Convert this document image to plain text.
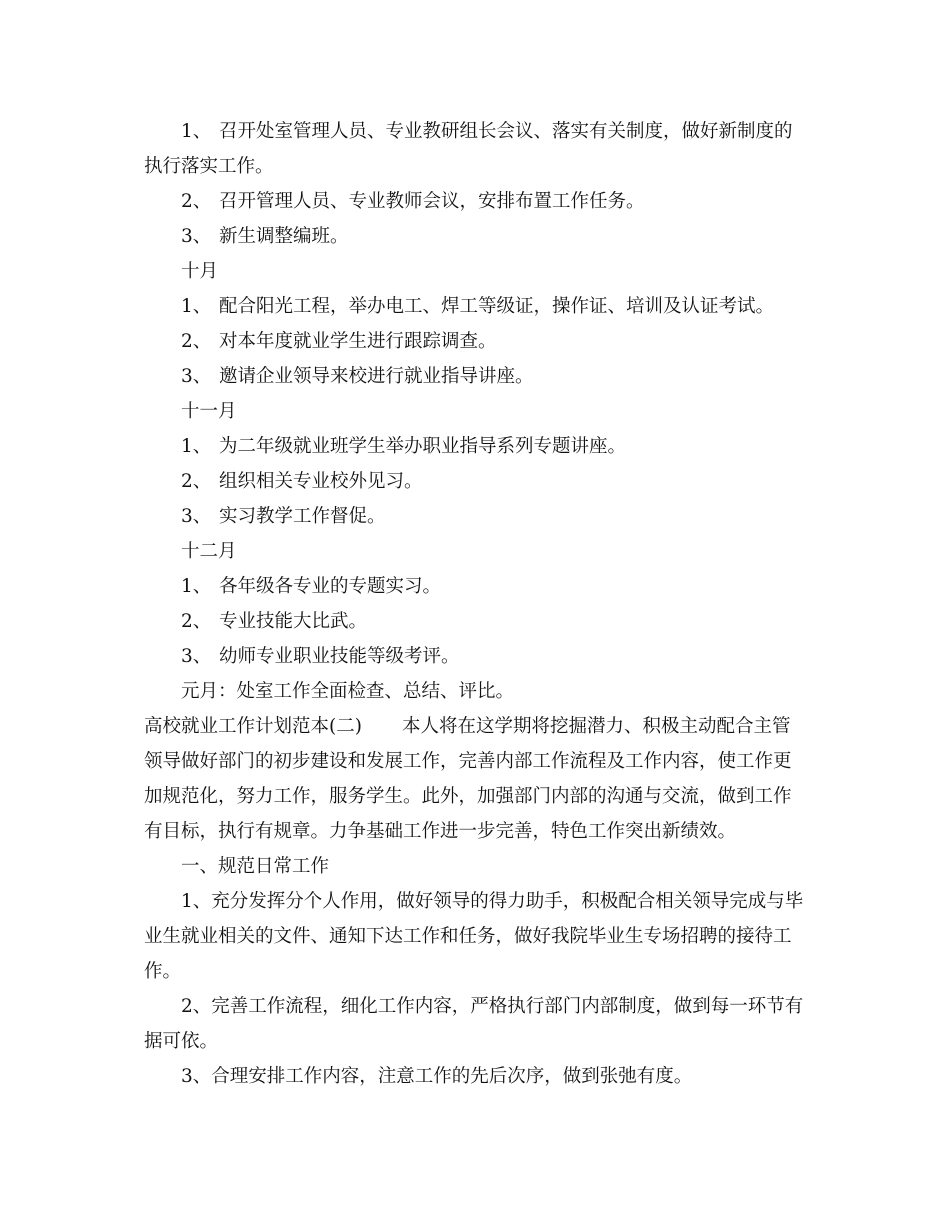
1、 召开处室管理人员、专业教研组长会议、落实有关制度，做好新制度的执行落实工作。

2、 召开管理人员、专业教师会议，安排布置工作任务。

3、 新生调整编班。

十月

1、 配合阳光工程，举办电工、焊工等级证，操作证、培训及认证考试。

2、 对本年度就业学生进行跟踪调查。

3、 邀请企业领导来校进行就业指导讲座。

十一月

1、 为二年级就业班学生举办职业指导系列专题讲座。

2、 组织相关专业校外见习。

3、 实习教学工作督促。

十二月

1、 各年级各专业的专题实习。

2、 专业技能大比武。

3、 幼师专业职业技能等级考评。

元月：处室工作全面检查、总结、评比。

高校就业工作计划范本(二) 本人将在这学期将挖掘潜力、积极主动配合主管领导做好部门的初步建设和发展工作，完善内部工作流程及工作内容，使工作更加规范化，努力工作，服务学生。此外，加强部门内部的沟通与交流，做到工作有目标，执行有规章。力争基础工作进一步完善，特色工作突出新绩效。

一、规范日常工作

1、充分发挥分个人作用，做好领导的得力助手，积极配合相关领导完成与毕业生就业相关的文件、通知下达工作和任务，做好我院毕业生专场招聘的接待工作。

2、完善工作流程，细化工作内容，严格执行部门内部制度，做到每一环节有据可依。

3、合理安排工作内容，注意工作的先后次序，做到张弛有度。
